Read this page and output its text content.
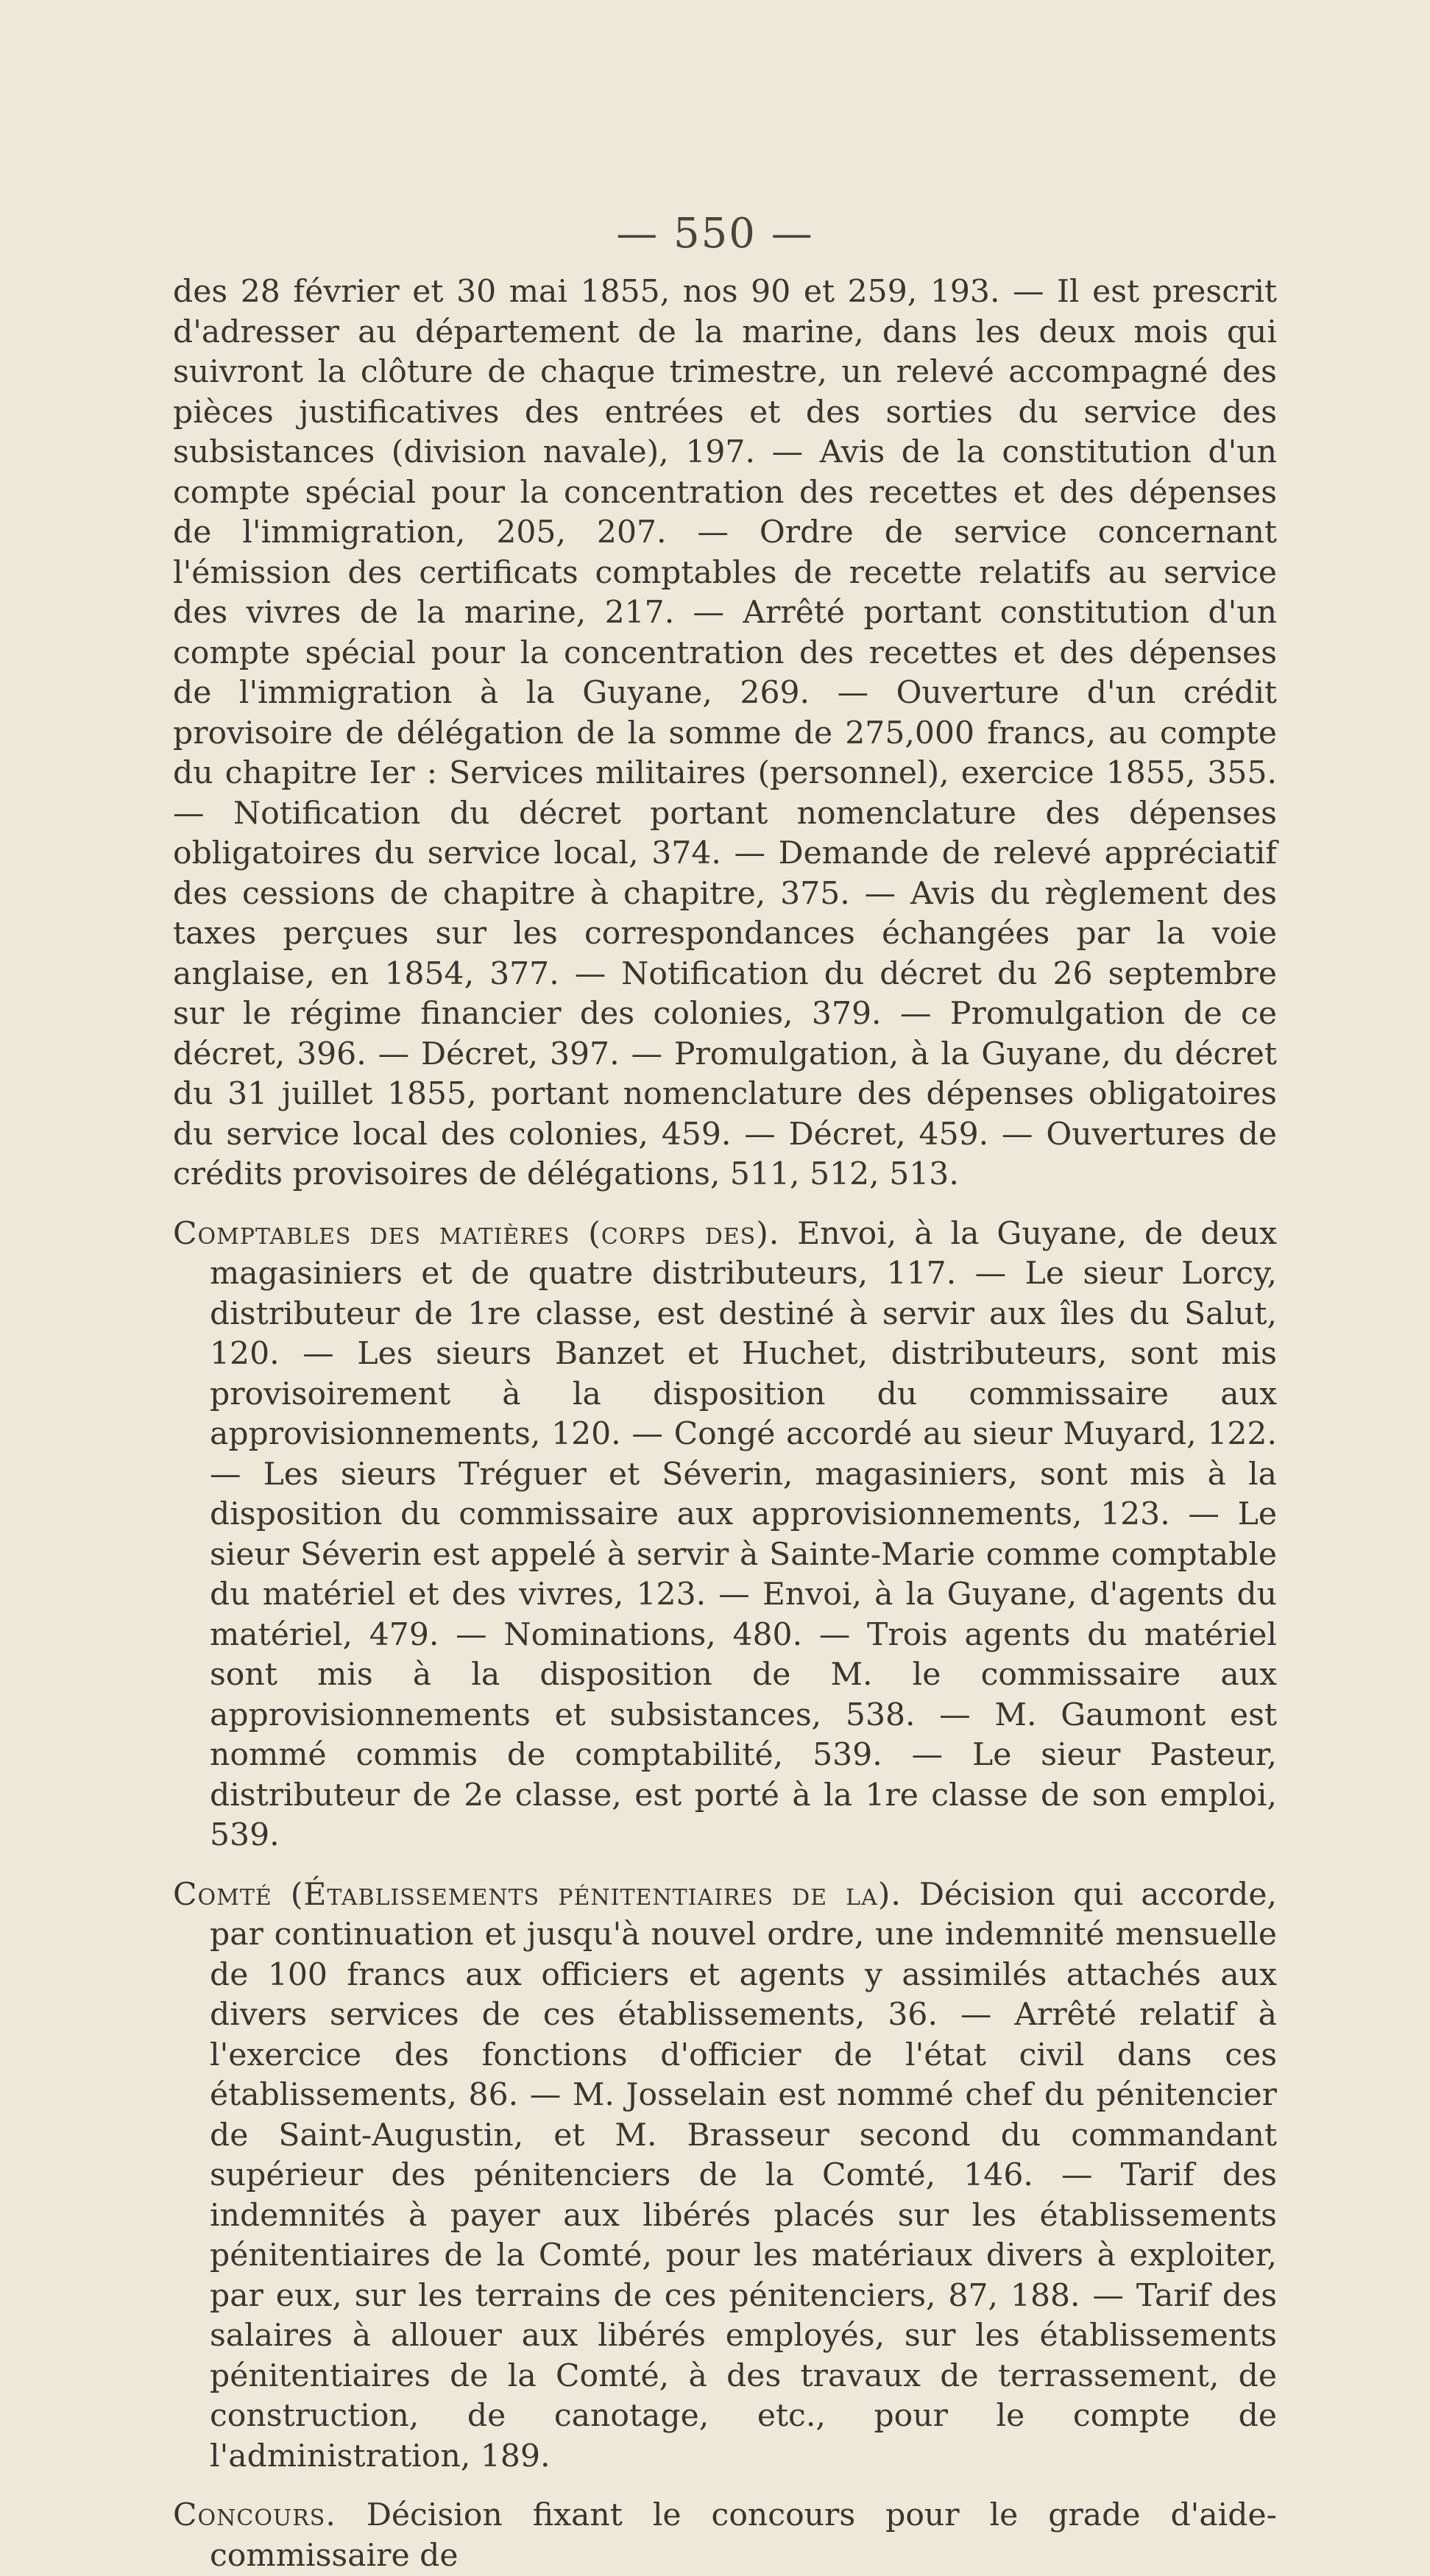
— 550 —

des 28 février et 30 mai 1855, nos 90 et 259, 193. — Il est prescrit d'adresser au département de la marine, dans les deux mois qui suivront la clôture de chaque trimestre, un relevé accompagné des pièces justificatives des entrées et des sorties du service des subsistances (division navale), 197. — Avis de la constitution d'un compte spécial pour la concentration des recettes et des dépenses de l'immigration, 205, 207. — Ordre de service concernant l'émission des certificats comptables de recette relatifs au service des vivres de la marine, 217. — Arrêté portant constitution d'un compte spécial pour la concentration des recettes et des dépenses de l'immigration à la Guyane, 269. — Ouverture d'un crédit provisoire de délégation de la somme de 275,000 francs, au compte du chapitre Ier : Services militaires (personnel), exercice 1855, 355. — Notification du décret portant nomenclature des dépenses obligatoires du service local, 374. — Demande de relevé appréciatif des cessions de chapitre à chapitre, 375. — Avis du règlement des taxes perçues sur les correspondances échangées par la voie anglaise, en 1854, 377. — Notification du décret du 26 septembre sur le régime financier des colonies, 379. — Promulgation de ce décret, 396. — Décret, 397. — Promulgation, à la Guyane, du décret du 31 juillet 1855, portant nomenclature des dépenses obligatoires du service local des colonies, 459. — Décret, 459. — Ouvertures de crédits provisoires de délégations, 511, 512, 513.

Comptables des matières (corps des). Envoi, à la Guyane, de deux magasiniers et de quatre distributeurs, 117. — Le sieur Lorcy, distributeur de 1re classe, est destiné à servir aux îles du Salut, 120. — Les sieurs Banzet et Huchet, distributeurs, sont mis provisoirement à la disposition du commissaire aux approvisionnements, 120. — Congé accordé au sieur Muyard, 122. — Les sieurs Tréguer et Séverin, magasiniers, sont mis à la disposition du commissaire aux approvisionnements, 123. — Le sieur Séverin est appelé à servir à Sainte-Marie comme comptable du matériel et des vivres, 123. — Envoi, à la Guyane, d'agents du matériel, 479. — Nominations, 480. — Trois agents du matériel sont mis à la disposition de M. le commissaire aux approvisionnements et subsistances, 538. — M. Gaumont est nommé commis de comptabilité, 539. — Le sieur Pasteur, distributeur de 2e classe, est porté à la 1re classe de son emploi, 539.

Comté (Établissements pénitentiaires de la). Décision qui accorde, par continuation et jusqu'à nouvel ordre, une indemnité mensuelle de 100 francs aux officiers et agents y assimilés attachés aux divers services de ces établissements, 36. — Arrêté relatif à l'exercice des fonctions d'officier de l'état civil dans ces établissements, 86. — M. Josselain est nommé chef du pénitencier de Saint-Augustin, et M. Brasseur second du commandant supérieur des pénitenciers de la Comté, 146. — Tarif des indemnités à payer aux libérés placés sur les établissements pénitentiaires de la Comté, pour les matériaux divers à exploiter, par eux, sur les terrains de ces pénitenciers, 87, 188. — Tarif des salaires à allouer aux libérés employés, sur les établissements pénitentiaires de la Comté, à des travaux de terrassement, de construction, de canotage, etc., pour le compte de l'administration, 189.

Concours. Décision fixant le concours pour le grade d'aide-commissaire de
